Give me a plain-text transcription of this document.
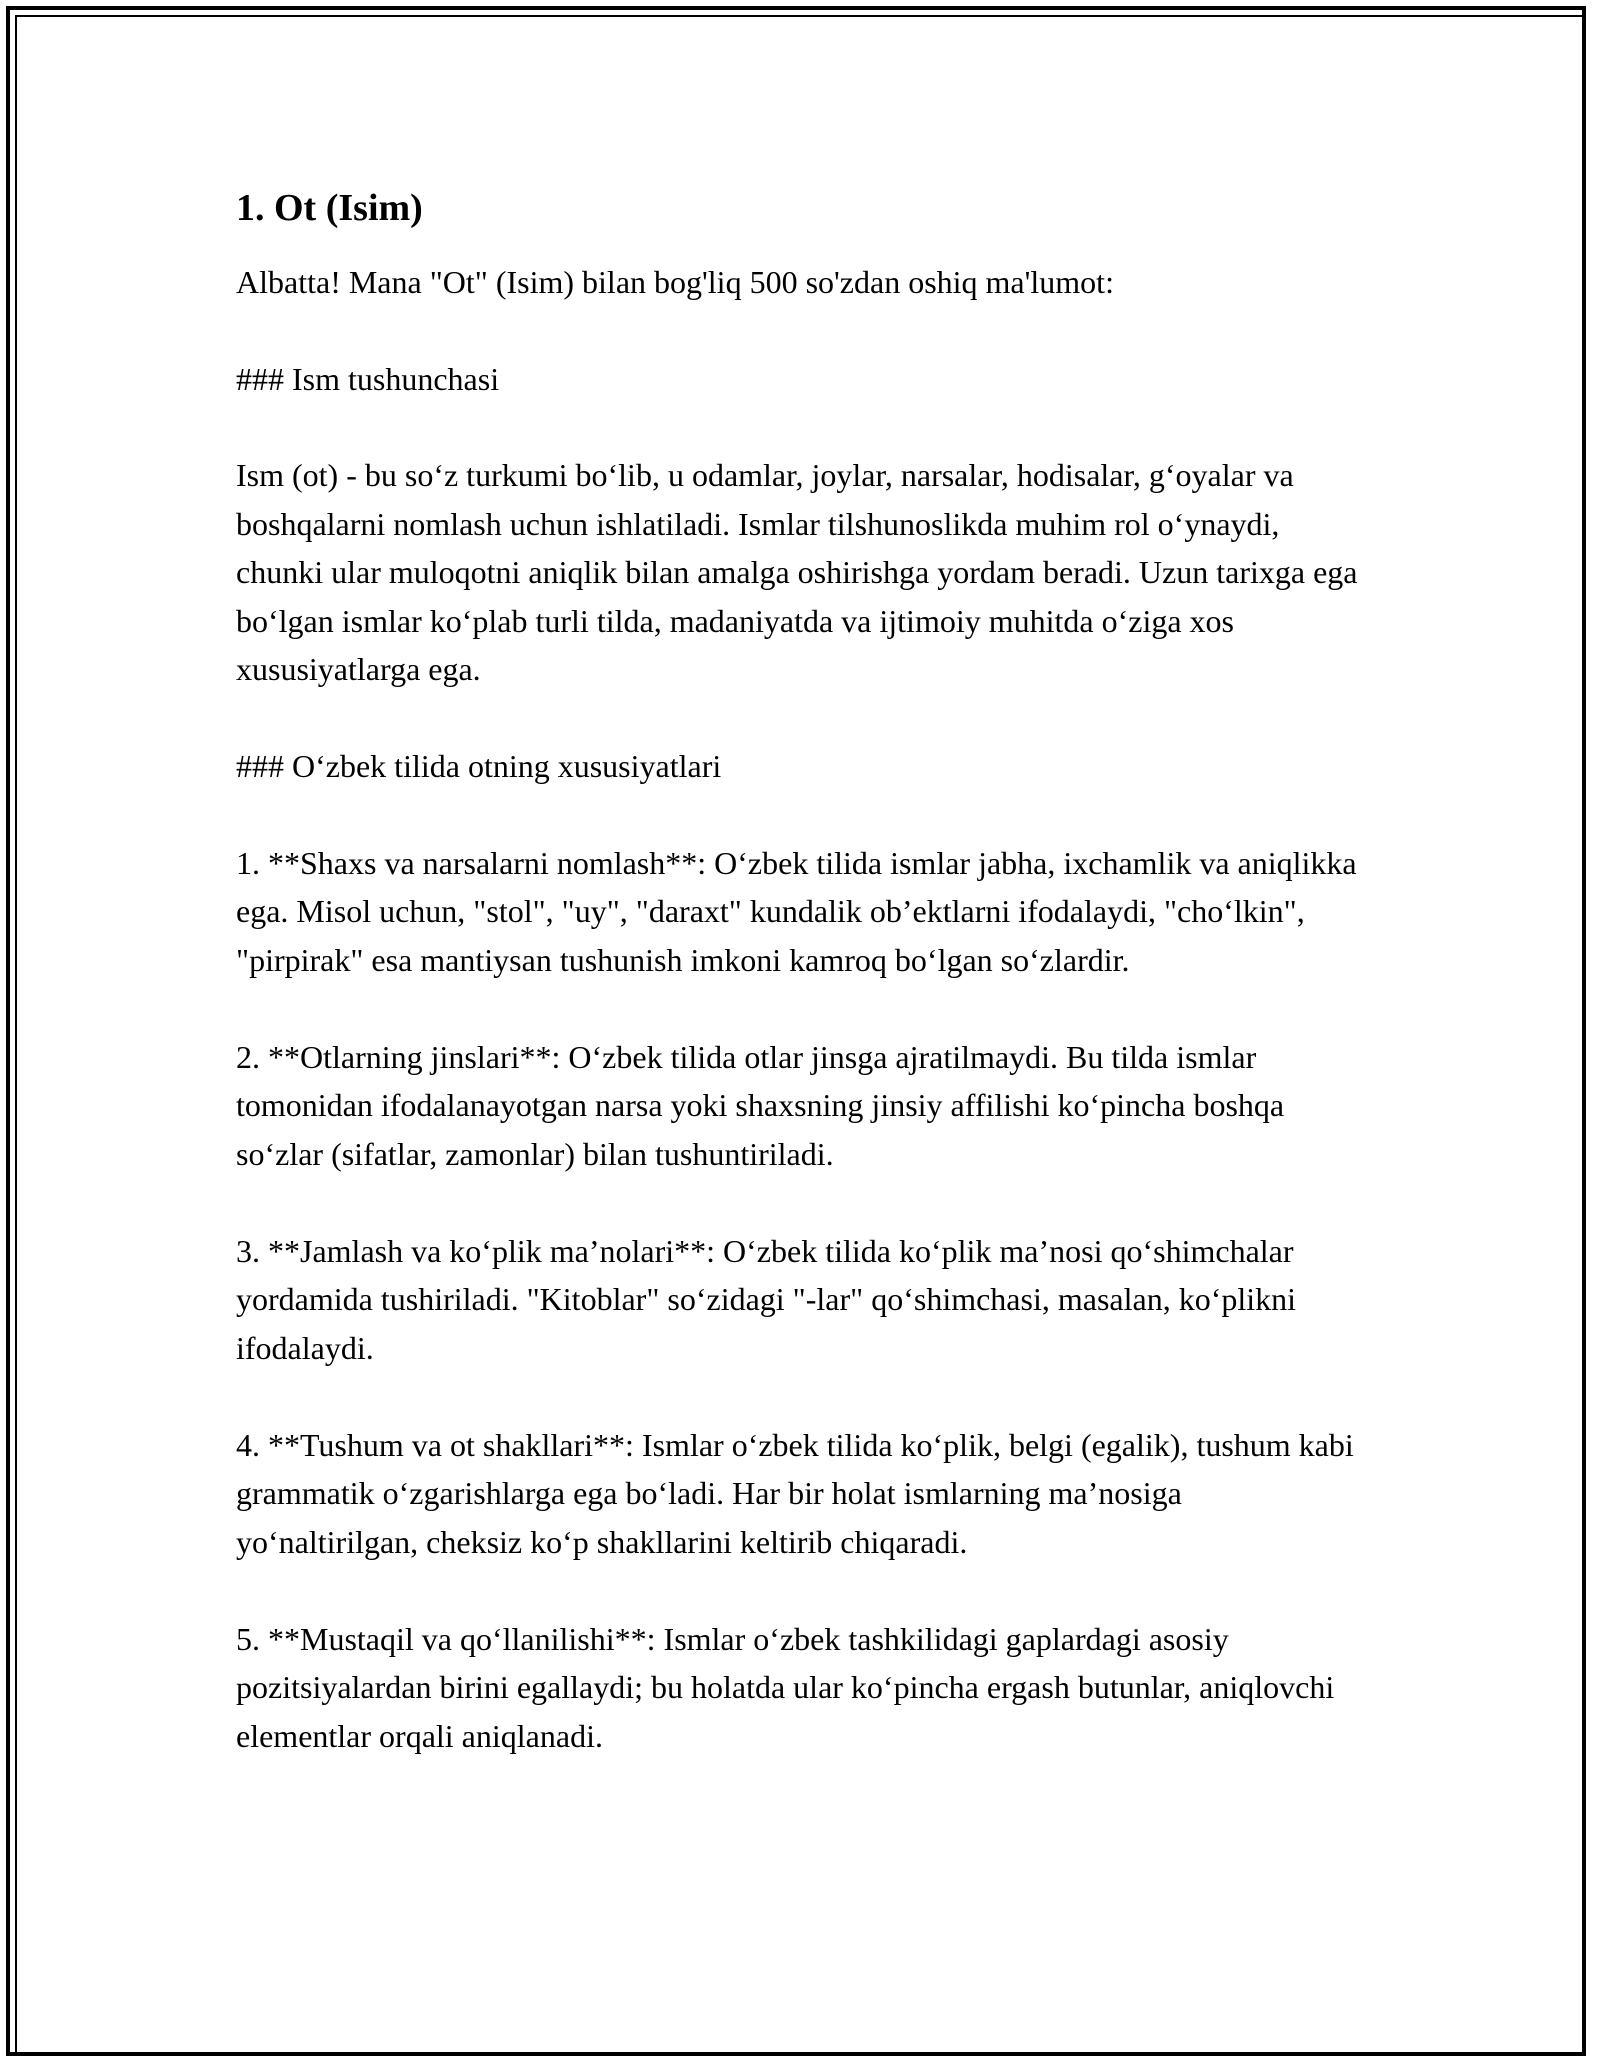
1. Ot (Isim)

Albatta! Mana "Ot" (Isim) bilan bog'liq 500 so'zdan oshiq ma'lumot:

### Ism tushunchasi

Ism (ot) - bu so‘z turkumi bo‘lib, u odamlar, joylar, narsalar, hodisalar, g‘oyalar va boshqalarni nomlash uchun ishlatiladi. Ismlar tilshunoslikda muhim rol o‘ynaydi, chunki ular muloqotni aniqlik bilan amalga oshirishga yordam beradi. Uzun tarixga ega bo‘lgan ismlar ko‘plab turli tilda, madaniyatda va ijtimoiy muhitda o‘ziga xos xususiyatlarga ega.

### O‘zbek tilida otning xususiyatlari

1. **Shaxs va narsalarni nomlash**: O‘zbek tilida ismlar jabha, ixchamlik va aniqlikka ega. Misol uchun, "stol", "uy", "daraxt" kundalik ob’ektlarni ifodalaydi, "cho‘lkin", "pirpirak" esa mantiysan tushunish imkoni kamroq bo‘lgan so‘zlardir.

2. **Otlarning jinslari**: O‘zbek tilida otlar jinsga ajratilmaydi. Bu tilda ismlar tomonidan ifodalanayotgan narsa yoki shaxsning jinsiy affilishi ko‘pincha boshqa so‘zlar (sifatlar, zamonlar) bilan tushuntiriladi.

3. **Jamlash va ko‘plik ma’nolari**: O‘zbek tilida ko‘plik ma’nosi qo‘shimchalar yordamida tushiriladi. "Kitoblar" so‘zidagi "-lar" qo‘shimchasi, masalan, ko‘plikni ifodalaydi.

4. **Tushum va ot shakllari**: Ismlar o‘zbek tilida ko‘plik, belgi (egalik), tushum kabi grammatik o‘zgarishlarga ega bo‘ladi. Har bir holat ismlarning ma’nosiga yo‘naltirilgan, cheksiz ko‘p shakllarini keltirib chiqaradi.

5. **Mustaqil va qo‘llanilishi**: Ismlar o‘zbek tashkilidagi gaplardagi asosiy pozitsiyalardan birini egallaydi; bu holatda ular ko‘pincha ergash butunlar, aniqlovchi elementlar orqali aniqlanadi.
